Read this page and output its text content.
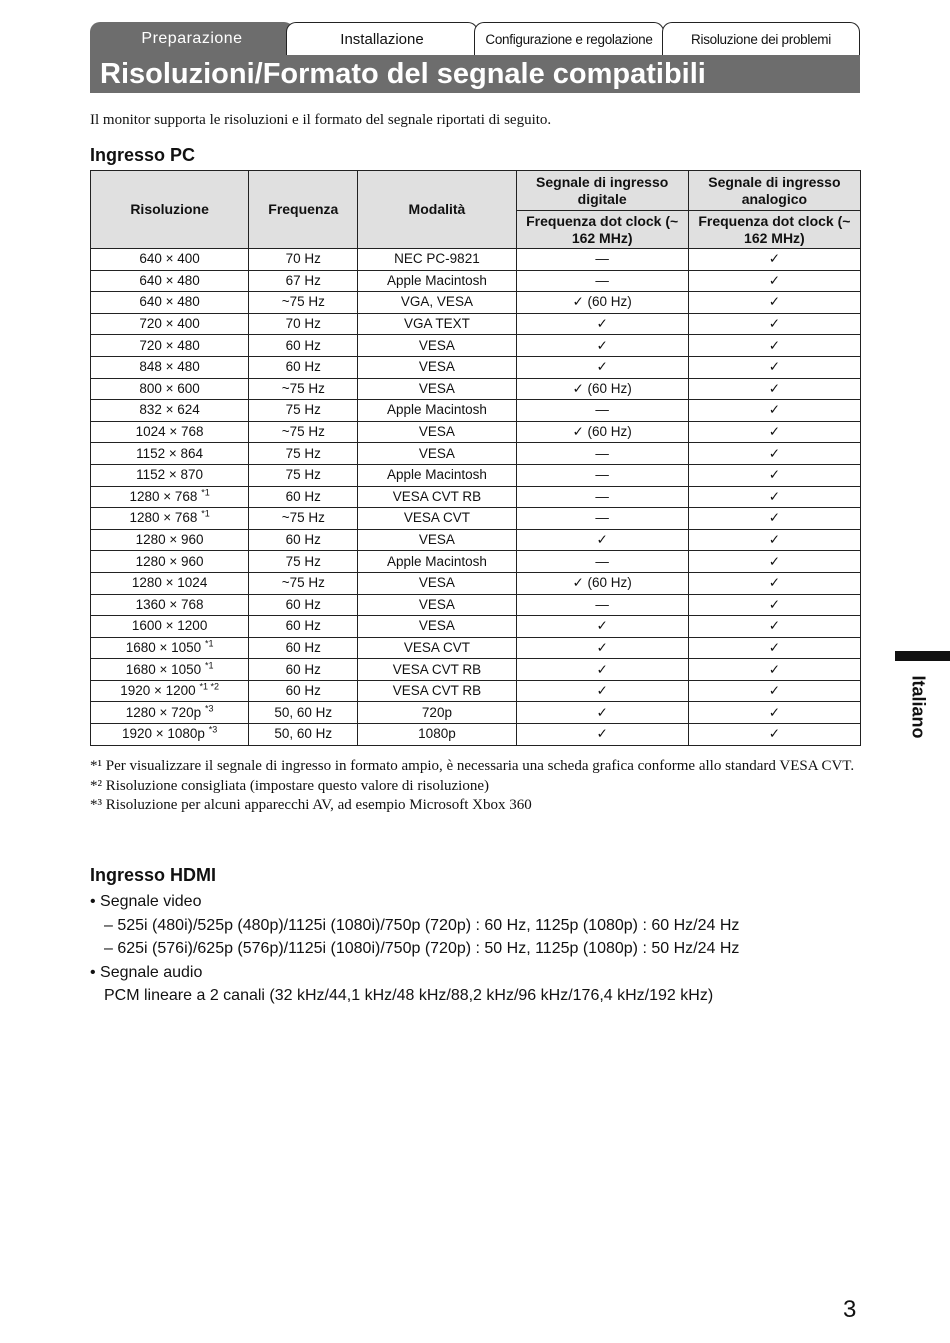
Preparazione	Installazione	Configurazione e regolazione	Risoluzione dei problemi
Risoluzioni/Formato del segnale compatibili
Il monitor supporta le risoluzioni e il formato del segnale riportati di seguito.
Ingresso PC
Risoluzione	Frequenza	Modalità	Segnale di ingresso digitale	Segnale di ingresso analogico
			Frequenza dot clock (~ 162 MHz)	Frequenza dot clock (~ 162 MHz)
640 × 400	70 Hz	NEC PC-9821	—	✓
640 × 480	67 Hz	Apple Macintosh	—	✓
640 × 480	~75 Hz	VGA, VESA	✓ (60 Hz)	✓
720 × 400	70 Hz	VGA TEXT	✓	✓
720 × 480	60 Hz	VESA	✓	✓
848 × 480	60 Hz	VESA	✓	✓
800 × 600	~75 Hz	VESA	✓ (60 Hz)	✓
832 × 624	75 Hz	Apple Macintosh	—	✓
1024 × 768	~75 Hz	VESA	✓ (60 Hz)	✓
1152 × 864	75 Hz	VESA	—	✓
1152 × 870	75 Hz	Apple Macintosh	—	✓
1280 × 768 $^{*1}$	60 Hz	VESA CVT RB	—	✓
1280 × 768 $^{*1}$	~75 Hz	VESA CVT	—	✓
1280 × 960	60 Hz	VESA	✓	✓
1280 × 960	75 Hz	Apple Macintosh	—	✓
1280 × 1024	~75 Hz	VESA	✓ (60 Hz)	✓
1360 × 768	60 Hz	VESA	—	✓
1600 × 1200	60 Hz	VESA	✓	✓
1680 × 1050 $^{*1}$	60 Hz	VESA CVT	✓	✓
1680 × 1050 $^{*1}$	60 Hz	VESA CVT RB	✓	✓
1920 × 1200 $^{*1 *2}$	60 Hz	VESA CVT RB	✓	✓
1280 × 720p $^{*3}$	50, 60 Hz	720p	✓	✓
1920 × 1080p $^{*3}$	50, 60 Hz	1080p	✓	✓
*¹ Per visualizzare il segnale di ingresso in formato ampio, è necessaria una scheda grafica conforme allo standard VESA CVT.
*² Risoluzione consigliata (impostare questo valore di risoluzione)
*³ Risoluzione per alcuni apparecchi AV, ad esempio Microsoft Xbox 360
Ingresso HDMI
• Segnale video
– 525i (480i)/525p (480p)/1125i (1080i)/750p (720p) : 60 Hz, 1125p (1080p) : 60 Hz/24 Hz
– 625i (576i)/625p (576p)/1125i (1080i)/750p (720p) : 50 Hz, 1125p (1080p) : 50 Hz/24 Hz
• Segnale audio
PCM lineare a 2 canali (32 kHz/44,1 kHz/48 kHz/88,2 kHz/96 kHz/176,4 kHz/192 kHz)
Italiano
3
